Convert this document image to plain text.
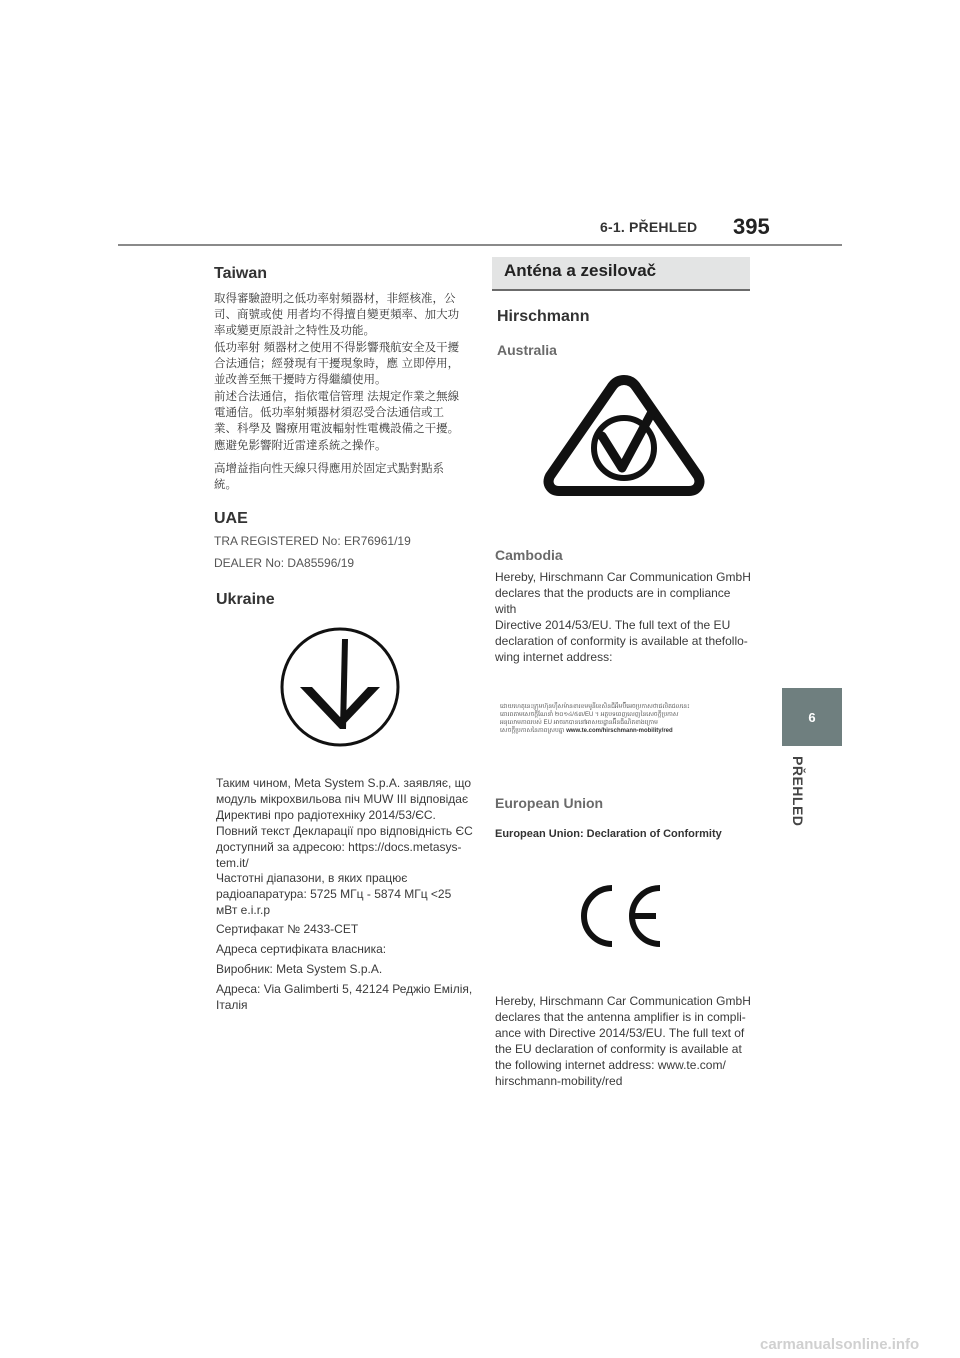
6-1. PŘEHLED 395
6
PŘEHLED
Taiwan
取得審驗證明之低功率射頻器材，非經核准，公
司、商號或使 用者均不得擅自變更頻率、加大功
率或變更原設計之特性及功能。
低功率射 頻器材之使用不得影響飛航安全及干擾
合法通信；經發現有干擾現象時，應 立即停用，
並改善至無干擾時方得繼續使用。
前述合法通信，指依電信管理 法規定作業之無線
電通信。低功率射頻器材須忍受合法通信或工
業、科學及 醫療用電波輻射性電機設備之干擾。
應避免影響附近雷達系統之操作。
高增益指向性天線只得應用於固定式點對點系
統。
UAE
TRA REGISTERED No: ER76961/19
DEALER No: DA85596/19
Ukraine
Таким чином, Meta System S.p.A. заявляє, що
модуль мікрохвильова піч MUW III відповідає
Директиві про радіотехніку 2014/53/ЄС.
Повний текст Декларації про відповідність ЄС
доступний за адресою: https://docs.metasys-
tem.it/
Частотні діапазони, в яких працює
радіоапаратура: 5725 МГц - 5874 МГц <25
мВт e.i.r.p
Сертифакат № 2433-CET
Адреса сертифіката власника:
Виробник: Meta System S.p.A.
Адреса: Via Galimberti 5, 42124 Реджіо Емілія,
Італія
Anténa a zesilovač
Hirschmann
Australia
Cambodia
Hereby, Hirschmann Car Communication GmbH
declares that the products are in compliance with
Directive 2014/53/EU. The full text of the EU
declaration of conformity is available at thefollo-
wing internet address:
ដោយហេតុនេះក្រុមហ៊ុនហ៊ឺសម៉ានខារខមមូនីខេសិនជីអឹមប៊ីអេចប្រកាសថាផលិតផលនេះ
គោរពតាមសេចក្តីណែនាំ ២០១៤/៥៣/EU ។ អត្ថបទពេញលេញនៃសេចក្តីប្រកាស
អនុលោមភាពរបស់ EU អាចរកបាននៅអាសយដ្ឋានអ៊ីនធឺណិតខាងក្រោម
សេចក្តីប្រកាសនៃភាពស្របគ្នា www.te.com/hirschmann-mobility/red
European Union
European Union: Declaration of Conformity
Hereby, Hirschmann Car Communication GmbH
declares that the antenna amplifier is in compli-
ance with Directive 2014/53/EU. The full text of
the EU declaration of conformity is available at
the following internet address: www.te.com/
hirschmann-mobility/red
carmanualsonline.info
